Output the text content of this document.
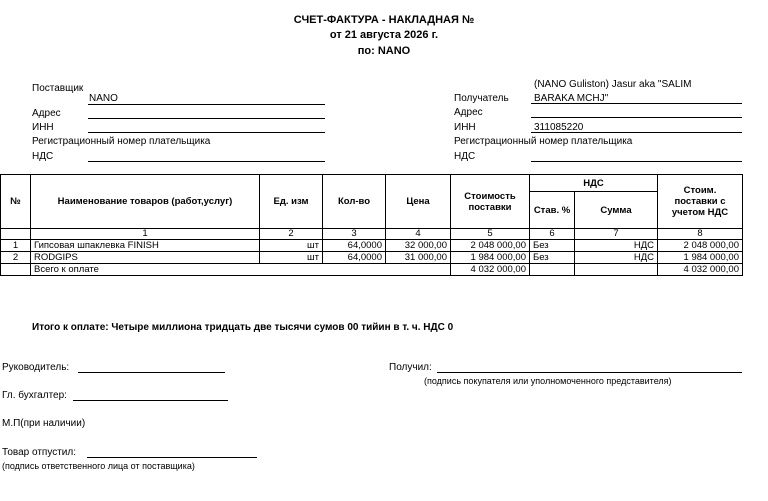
СЧЕТ-ФАКТУРА - НАКЛАДНАЯ №
от 21 августа 2026 г.
по: NANO
Поставщик
NANO
Адрес
ИНН
Регистрационный номер плательщика
НДС
(NANO Guliston) Jasur aka "SALIM
Получатель	BARAKA MCHJ"
Адрес
ИНН	311085220
Регистрационный номер плательщика
НДС
№	Наименование товаров (работ,услуг)	Ед. изм	Кол-во	Цена	Стоимость поставки	НДС		Стоим. поставки с учетом НДС
						Став. %	Сумма	
	1	2	3	4	5	6	7	8
1	Гипсовая шпаклевка FINISH	шт	64,0000	32 000,00	2 048 000,00	Без	НДС	2 048 000,00
2	RODGIPS	шт	64,0000	31 000,00	1 984 000,00	Без	НДС	1 984 000,00
	Всего к оплате				4 032 000,00			4 032 000,00
Итого к оплате: Четыре миллиона тридцать две тысячи сумов 00 тийин в т. ч. НДС 0
Руководитель:	Получил:
(подпись покупателя или уполномоченного представителя)
Гл. бухгалтер:
М.П(при наличии)
Товар отпустил:
(подпись ответственного лица от поставщика)
